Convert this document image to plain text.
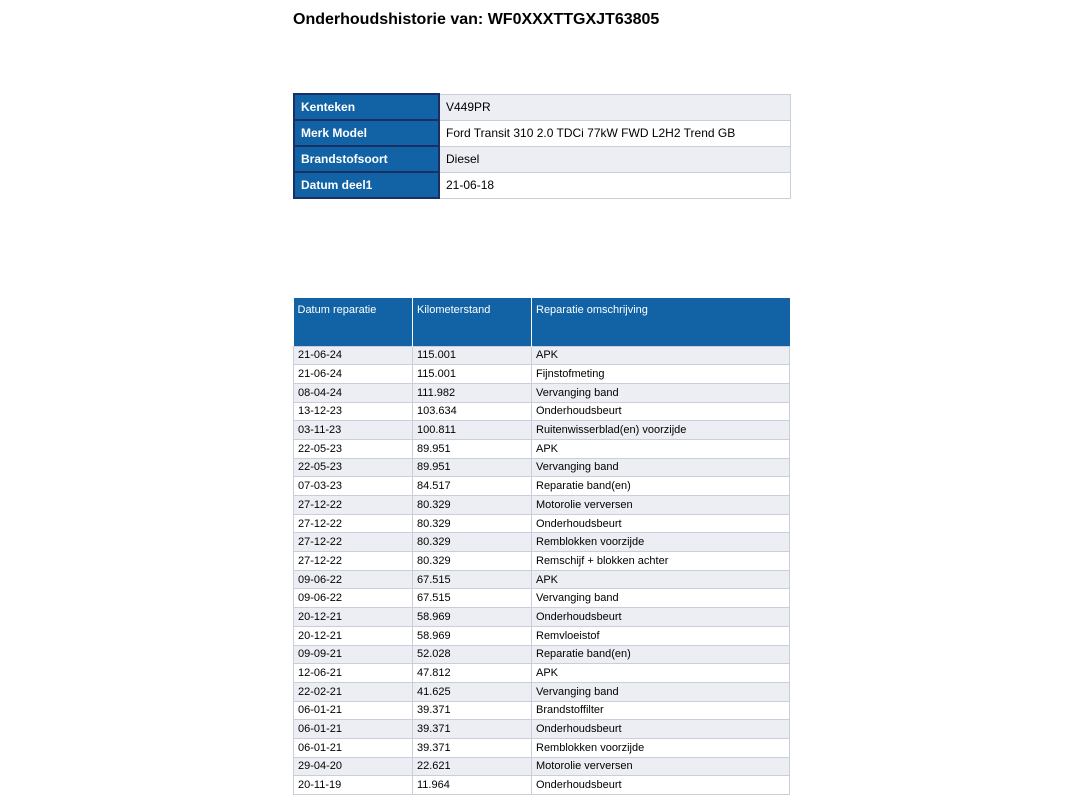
Onderhoudshistorie van: WF0XXXTTGXJT63805
Kenteken	V449PR
Merk Model	Ford Transit 310 2.0 TDCi 77kW FWD L2H2 Trend GB
Brandstofsoort	Diesel
Datum deel1	21-06-18
Datum reparatie	Kilometerstand	Reparatie omschrijving
21-06-24	115.001	APK
21-06-24	115.001	Fijnstofmeting
08-04-24	111.982	Vervanging band
13-12-23	103.634	Onderhoudsbeurt
03-11-23	100.811	Ruitenwisserblad(en) voorzijde
22-05-23	89.951	APK
22-05-23	89.951	Vervanging band
07-03-23	84.517	Reparatie band(en)
27-12-22	80.329	Motorolie verversen
27-12-22	80.329	Onderhoudsbeurt
27-12-22	80.329	Remblokken voorzijde
27-12-22	80.329	Remschijf + blokken achter
09-06-22	67.515	APK
09-06-22	67.515	Vervanging band
20-12-21	58.969	Onderhoudsbeurt
20-12-21	58.969	Remvloeistof
09-09-21	52.028	Reparatie band(en)
12-06-21	47.812	APK
22-02-21	41.625	Vervanging band
06-01-21	39.371	Brandstoffilter
06-01-21	39.371	Onderhoudsbeurt
06-01-21	39.371	Remblokken voorzijde
29-04-20	22.621	Motorolie verversen
20-11-19	11.964	Onderhoudsbeurt
